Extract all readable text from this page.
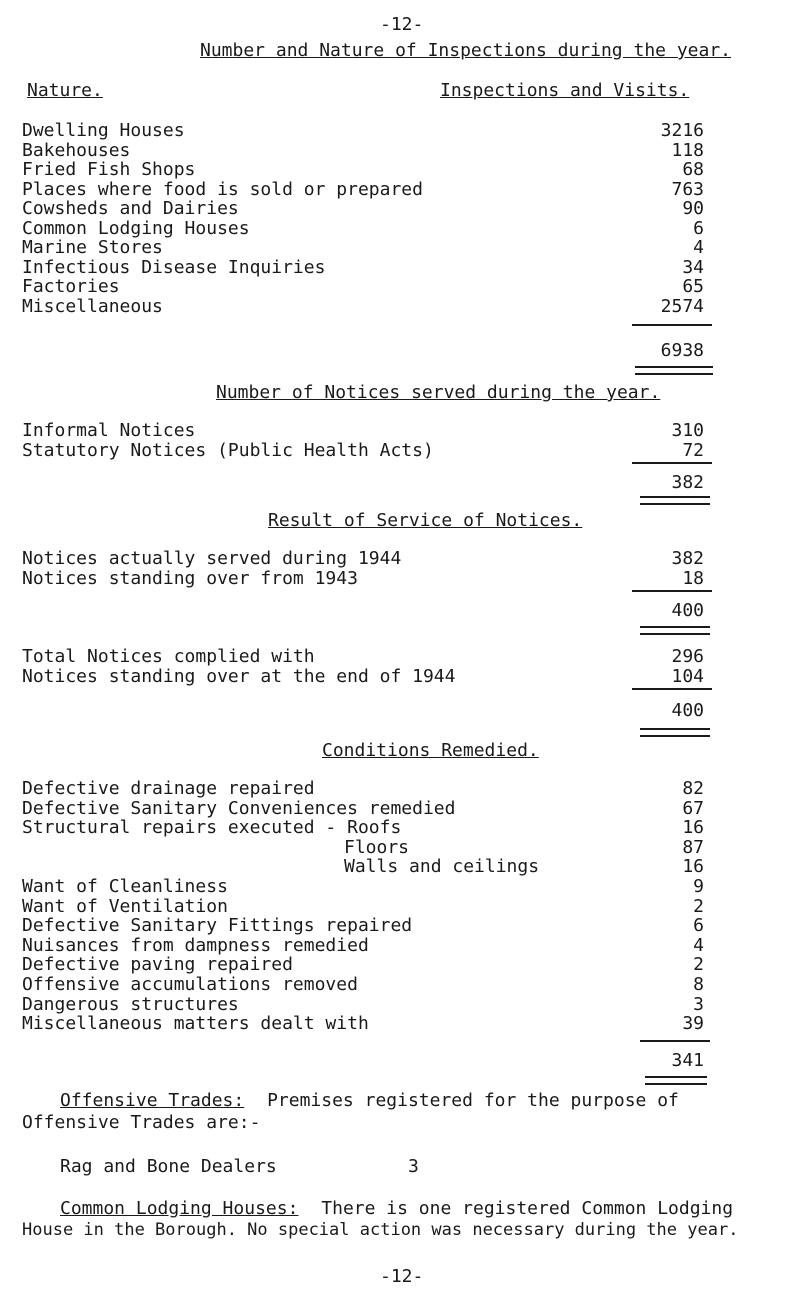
-12-
Number and Nature of Inspections during the year.
Nature.	Inspections and Visits.
Dwelling Houses	3216
Bakehouses	118
Fried Fish Shops	68
Places where food is sold or prepared	763
Cowsheds and Dairies	90
Common Lodging Houses	6
Marine Stores	4
Infectious Disease Inquiries	34
Factories	65
Miscellaneous	2574
6938
Number of Notices served during the year.
Informal Notices	310
Statutory Notices (Public Health Acts)	72
382
Result of Service of Notices.
Notices actually served during 1944	382
Notices standing over from 1943	18
400
Total Notices complied with	296
Notices standing over at the end of 1944	104
400
Conditions Remedied.
Defective drainage repaired	82
Defective Sanitary Conveniences remedied	67
Structural repairs executed - Roofs	16
Floors	87
Walls and ceilings	16
Want of Cleanliness	9
Want of Ventilation	2
Defective Sanitary Fittings repaired	6
Nuisances from dampness remedied	4
Defective paving repaired	2
Offensive accumulations removed	8
Dangerous structures	3
Miscellaneous matters dealt with	39
341
Offensive Trades: Premises registered for the purpose of
Offensive Trades are:-
Rag and Bone Dealers	3
Common Lodging Houses: There is one registered Common Lodging
House in the Borough. No special action was necessary during the year.
-12-
